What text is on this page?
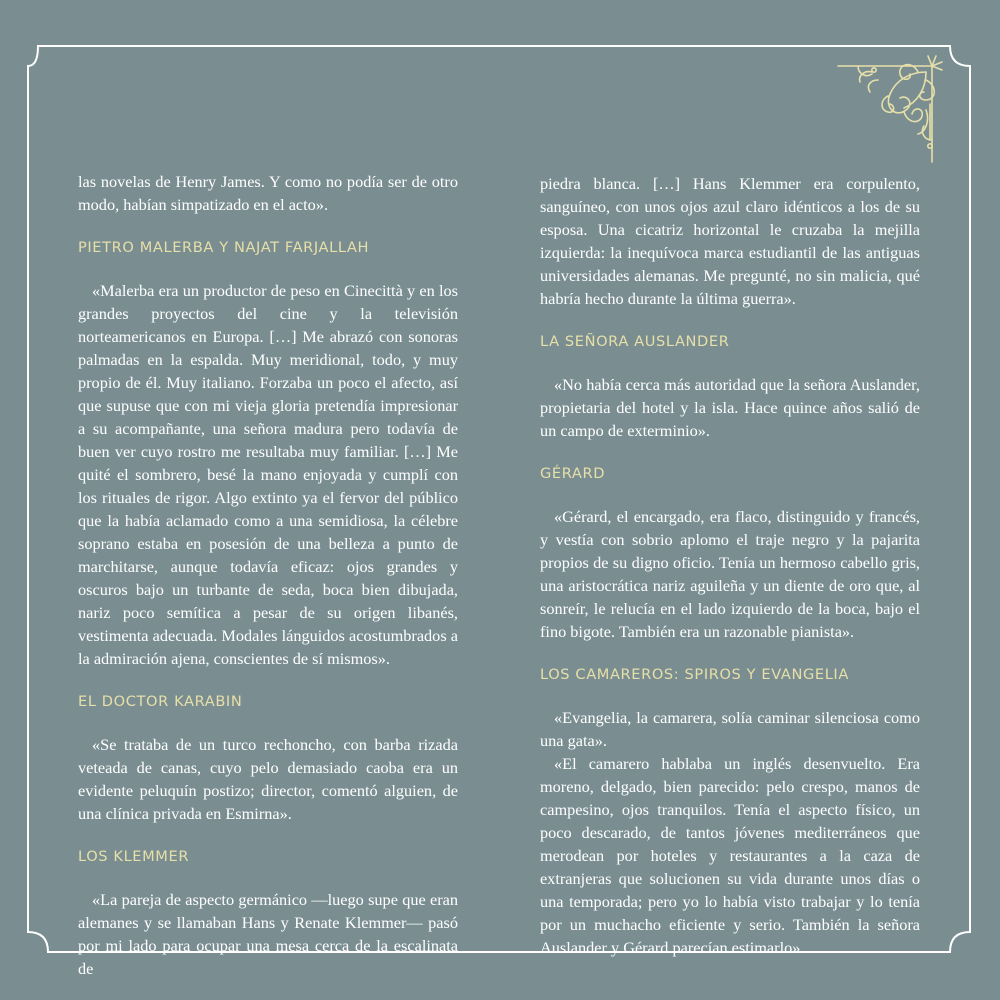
las novelas de Henry James. Y como no podía ser de otro modo, habían simpatizado en el acto».

PIETRO MALERBA Y NAJAT FARJALLAH

«Malerba era un productor de peso en Cinecittà y en los grandes proyectos del cine y la televisión norteamericanos en Europa. […] Me abrazó con sonoras palmadas en la espalda. Muy meridional, todo, y muy propio de él. Muy italiano. Forzaba un poco el afecto, así que supuse que con mi vieja gloria pretendía impresionar a su acompañante, una señora madura pero todavía de buen ver cuyo rostro me resultaba muy familiar. […] Me quité el sombrero, besé la mano enjoyada y cumplí con los rituales de rigor. Algo extinto ya el fervor del público que la había aclamado como a una semidiosa, la célebre soprano estaba en posesión de una belleza a punto de marchitarse, aunque todavía eficaz: ojos grandes y oscuros bajo un turbante de seda, boca bien dibujada, nariz poco semítica a pesar de su origen libanés, vestimenta adecuada. Modales lánguidos acostumbrados a la admiración ajena, conscientes de sí mismos».

EL DOCTOR KARABIN

«Se trataba de un turco rechoncho, con barba rizada veteada de canas, cuyo pelo demasiado caoba era un evidente peluquín postizo; director, comentó alguien, de una clínica privada en Esmirna».

LOS KLEMMER

«La pareja de aspecto germánico —luego supe que eran alemanes y se llamaban Hans y Renate Klemmer— pasó por mi lado para ocupar una mesa cerca de la escalinata de

piedra blanca. […] Hans Klemmer era corpulento, sanguíneo, con unos ojos azul claro idénticos a los de su esposa. Una cicatriz horizontal le cruzaba la mejilla izquierda: la inequívoca marca estudiantil de las antiguas universidades alemanas. Me pregunté, no sin malicia, qué habría hecho durante la última guerra».

LA SEÑORA AUSLANDER

«No había cerca más autoridad que la señora Auslander, propietaria del hotel y la isla. Hace quince años salió de un campo de exterminio».

GÉRARD

«Gérard, el encargado, era flaco, distinguido y francés, y vestía con sobrio aplomo el traje negro y la pajarita propios de su digno oficio. Tenía un hermoso cabello gris, una aristocrática nariz aguileña y un diente de oro que, al sonreír, le relucía en el lado izquierdo de la boca, bajo el fino bigote. También era un razonable pianista».

LOS CAMAREROS: SPIROS Y EVANGELIA

«Evangelia, la camarera, solía caminar silenciosa como una gata».

«El camarero hablaba un inglés desenvuelto. Era moreno, delgado, bien parecido: pelo crespo, manos de campesino, ojos tranquilos. Tenía el aspecto físico, un poco descarado, de tantos jóvenes mediterráneos que merodean por hoteles y restaurantes a la caza de extranjeras que solucionen su vida durante unos días o una temporada; pero yo lo había visto trabajar y lo tenía por un muchacho eficiente y serio. También la señora Auslander y Gérard parecían estimarlo».
